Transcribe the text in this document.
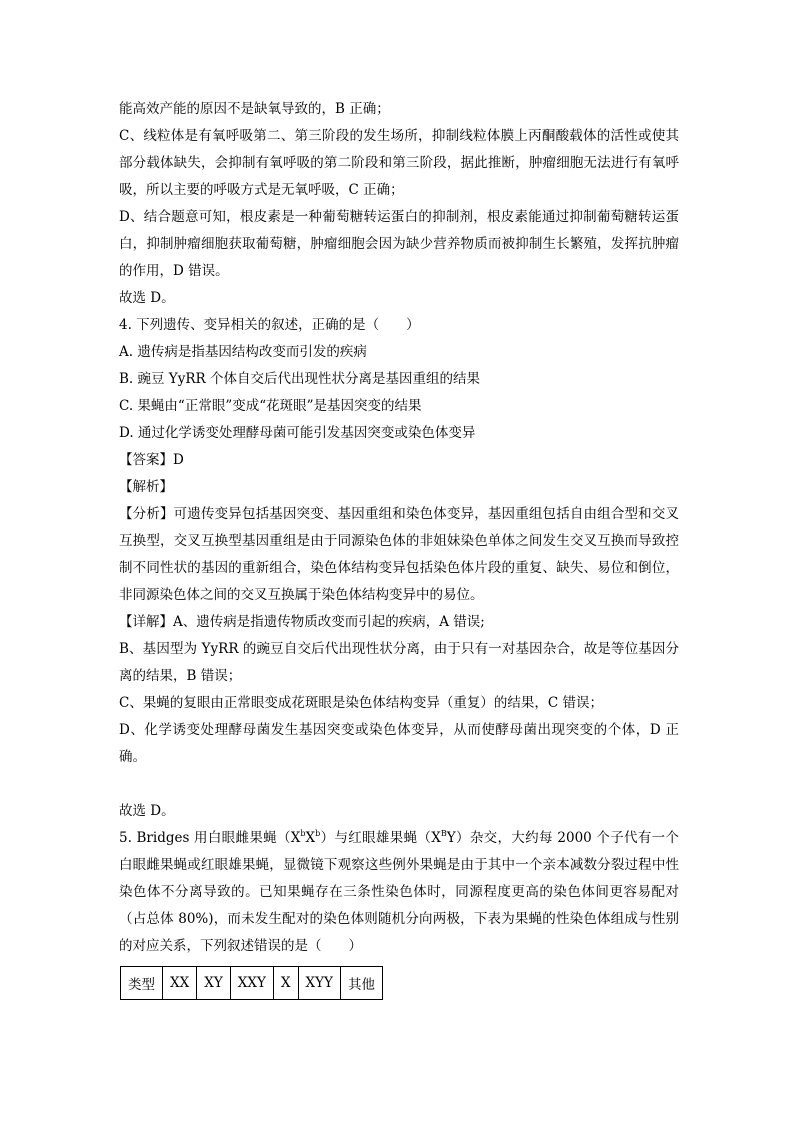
能高效产能的原因不是缺氧导致的，B 正确；

C、线粒体是有氧呼吸第二、第三阶段的发生场所，抑制线粒体膜上丙酮酸载体的活性或使其部分载体缺失，会抑制有氧呼吸的第二阶段和第三阶段，据此推断，肿瘤细胞无法进行有氧呼吸，所以主要的呼吸方式是无氧呼吸，C 正确；

D、结合题意可知，根皮素是一种葡萄糖转运蛋白的抑制剂，根皮素能通过抑制葡萄糖转运蛋白，抑制肿瘤细胞获取葡萄糖，肿瘤细胞会因为缺少营养物质而被抑制生长繁殖，发挥抗肿瘤的作用，D 错误。

故选 D。

4. 下列遗传、变异相关的叙述，正确的是（　　）

A. 遗传病是指基因结构改变而引发的疾病

B. 豌豆 YyRR 个体自交后代出现性状分离是基因重组的结果

C. 果蝇由“正常眼”变成“花斑眼”是基因突变的结果

D. 通过化学诱变处理酵母菌可能引发基因突变或染色体变异

【答案】D

【解析】

【分析】可遗传变异包括基因突变、基因重组和染色体变异，基因重组包括自由组合型和交叉互换型，交叉互换型基因重组是由于同源染色体的非姐妹染色单体之间发生交叉互换而导致控制不同性状的基因的重新组合，染色体结构变异包括染色体片段的重复、缺失、易位和倒位，非同源染色体之间的交叉互换属于染色体结构变异中的易位。

【详解】A、遗传病是指遗传物质改变而引起的疾病，A 错误;

B、基因型为 YyRR 的豌豆自交后代出现性状分离，由于只有一对基因杂合，故是等位基因分离的结果，B 错误；

C、果蝇的复眼由正常眼变成花斑眼是染色体结构变异（重复）的结果，C 错误；

D、化学诱变处理酵母菌发生基因突变或染色体变异，从而使酵母菌出现突变的个体，D 正确。

故选 D。

5. Bridges 用白眼雌果蝇$(X^bX^b)$与红眼雄果蝇$(X^BY)$杂交，大约每 2000 个子代有一个白眼雌果蝇或红眼雄果蝇，显微镜下观察这些例外果蝇是由于其中一个亲本减数分裂过程中性染色体不分离导致的。已知果蝇存在三条性染色体时，同源程度更高的染色体间更容易配对（占总体 80%)，而未发生配对的染色体则随机分向两极，下表为果蝇的性染色体组成与性别的对应关系，下列叙述错误的是（　　）

类型	XX	XY	XXY	X	XYY	其他
